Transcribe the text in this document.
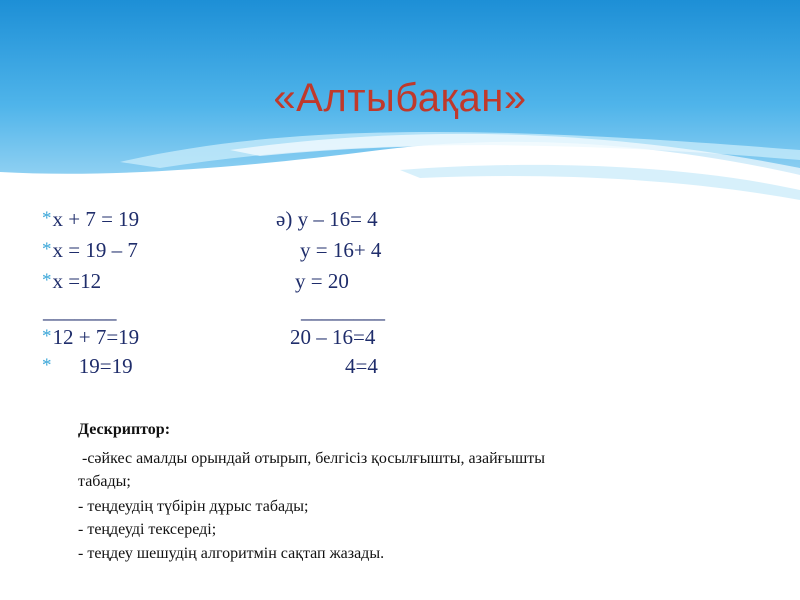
«Алтыбақан»
*x + 7 = 19
*x = 19 – 7
*x =12
_______
*12 + 7=19
*     19=19
ә) у – 16= 4
у = 16+ 4
у = 20
________
20 – 16=4
4=4
Дескриптор:
-сәйкес амалды орындай отырып, белгісіз қосылғышты, азайғышты
табады;
- теңдеудің түбірін дұрыс табады;
- теңдеуді тексереді;
- теңдеу шешудің алгоритмін сақтап жазады.
